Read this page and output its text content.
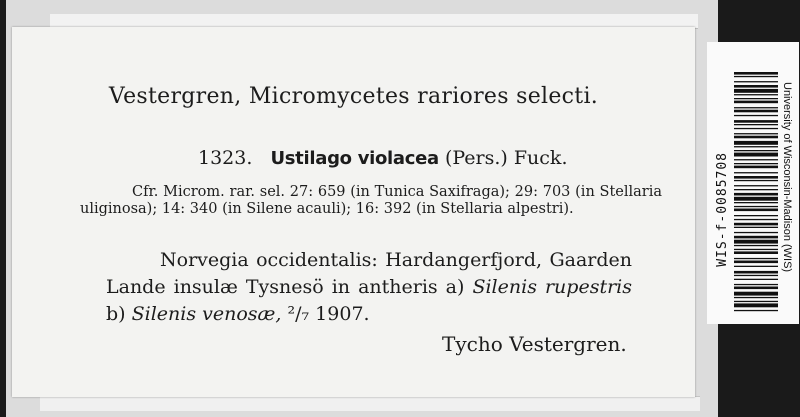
Vestergren, Micromycetes rariores selecti.
1323. Ustilago violacea (Pers.) Fuck.
Cfr. Microm. rar. sel. 27: 659 (in Tunica Saxifraga); 29: 703 (in Stellaria uliginosa); 14: 340 (in Silene acauli); 16: 392 (in Stellaria alpestri).
Norvegia occidentalis: Hardangerfjord, Gaarden Lande insulæ Tysnesö in antheris a) Silenis rupestris b) Silenis venosæ, ²/₇ 1907.
Tycho Vestergren.
WIS-f-0085708	University of Wisconsin-Madison (WIS)
